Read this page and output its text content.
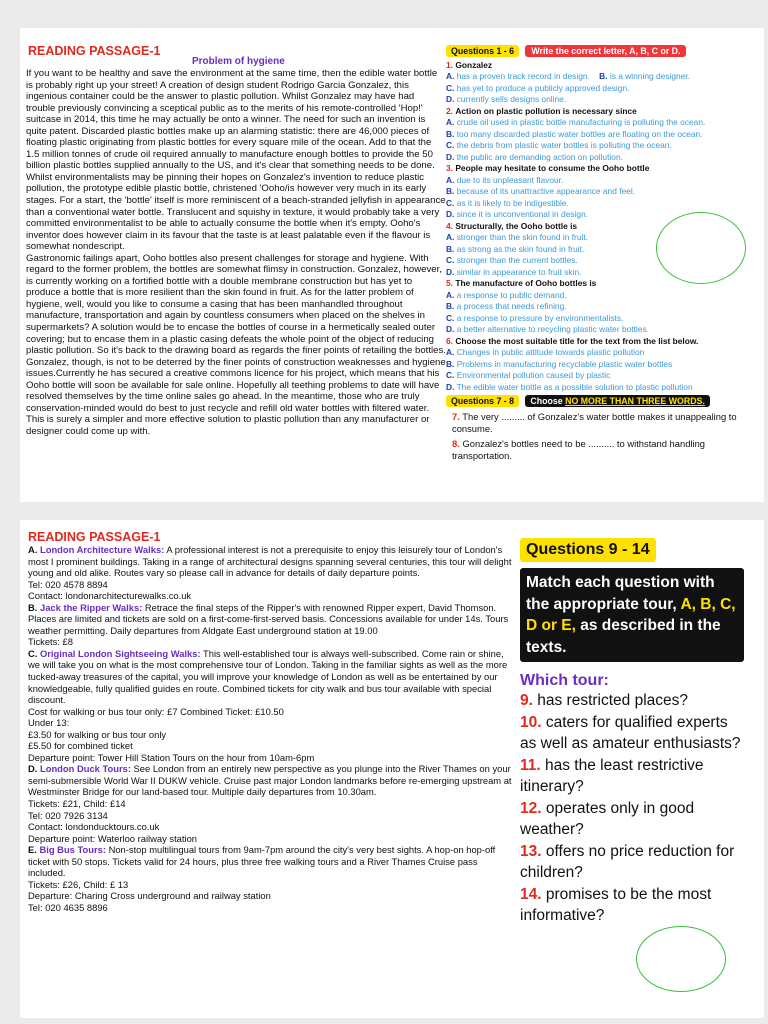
READING PASSAGE-1
Problem of hygiene

If you want to be healthy and save the environment at the same time, then the edible water bottle is probably right up your street! A creation of design student Rodrigo Garcia Gonzalez, this ingenious container could be the answer to plastic pollution. Whilst Gonzalez may have had trouble previously convincing a sceptical public as to the merits of his remote-controlled 'Hop!' suitcase in 2014, this time he may actually be onto a winner. The need for such an invention is quite patent. Discarded plastic bottles make up an alarming statistic: there are 46,000 pieces of floating plastic originating from plastic bottles for every square mile of the ocean. Add to that the 1.5 million tonnes of crude oil required annually to manufacture enough bottles to provide the 50 billion plastic bottles supplied annually to the US, and it's clear that something needs to be done.

Whilst environmentalists may be pinning their hopes on Gonzalez's invention to reduce plastic pollution, the prototype edible plastic bottle, christened 'Ooho/is however very much in its early stages. For a start, the 'bottle' itself is more reminiscent of a beach-stranded jellyfish in appearance than a conventional water bottle. Translucent and squishy in texture, it would probably take a very committed environmentalist to be able to actually consume the bottle when it's empty. Ooho's inventor does however claim in its favour that the taste is at least palatable even if the flavour is somewhat nondescript.

Gastronomic failings apart, Ooho bottles also present challenges for storage and hygiene. With regard to the former problem, the bottles are somewhat flimsy in construction. Gonzalez, however, is currently working on a fortified bottle with a double membrane construction but has yet to produce a bottle that is more resilient than the skin found in fruit. As for the latter problem of hygiene, well, would you like to consume a casing that has been manhandled throughout manufacture, transportation and again by countless consumers when placed on the shelves in supermarkets? A solution would be to encase the bottles of course in a hermetically sealed outer covering; but to encase them in a plastic casing defeats the whole point of the object of reducing plastic pollution. So it's back to the drawing board as regards the finer points of retailing the bottles. Gonzalez, though, is not to be deterred by the finer points of construction weaknesses and hygiene issues.Currently he has secured a creative commons licence for his project, which means that his Ooho bottle will soon be available for sale online. Hopefully all teething problems to date will have resolved themselves by the time online sales go ahead. In the meantime, those who are truly conservation-minded would do best to just recycle and refill old water bottles with filtered water. This is surely a simpler and more effective solution to plastic pollution than any manufacturer or designer could come up with.

Questions 1 - 6 Write the correct letter, A, B, C or D.
1. Gonzalez
A. has a proven track record in design. B. is a winning designer.
C. has yet to produce a publicly approved design.
D. currently sells designs online.
2. Action on plastic pollution is necessary since
A. crude oil used in plastic bottle manufacturing is polluting the ocean.
B. too many discarded plastic water bottles are floating on the ocean.
C. the debris from plastic water bottles is polluting the ocean.
D. the public are demanding action on pollution.
3. People may hesitate to consume the Ooho bottle
A. due to its unpleasant flavour.
B. because of its unattractive appearance and feel.
C. as it is likely to be indigestible.
D. since it is unconventional in design.
4. Structurally, the Ooho bottle is
A. stronger than the skin found in fruit.
B. as strong as the skin found in fruit.
C. stronger than the current bottles.
D. similar in appearance to fruit skin.
5. The manufacture of Ooho bottles is
A. a response to public demand.
B. a process that needs refining.
C. a response to pressure by environmentalists.
D. a better alternative to recycling plastic water bottles.
6. Choose the most suitable title for the text from the list below.
A. Changes in public attitude towards plastic pollution
B. Problems in manufacturing recyclable plastic water bottles
C. Environmental pollution caused by plastic
D. The edible water bottle as a possible solution to plastic pollution
Questions 7 - 8 Choose NO MORE THAN THREE WORDS.
7. The very ......... of Gonzalez's water bottle makes it unappealing to consume.
8. Gonzalez's bottles need to be .......... to withstand handling transportation.
READING PASSAGE-1

A. London Architecture Walks: A professional interest is not a prerequisite to enjoy this leisurely tour of London's most I prominent buildings. Taking in a range of architectural designs spanning several centuries, this tour will delight young and old alike. Routes vary so please call in advance for details of daily departure points.

Tel: 020 4578 8894

Contact: londonarchitecturewalks.co.uk

B. Jack the Ripper Walks: Retrace the final steps of the Ripper's with renowned Ripper expert, David Thomson. Places are limited and tickets are sold on a first-come-first-served basis. Concessions available for under 14s. Tours weather permitting. Daily departures from Aldgate East underground station at 19.00

Tickets: £8

C. Original London Sightseeing Walks: This well-established tour is always well-subscribed. Come rain or shine, we will take you on what is the most comprehensive tour of London. Taking in the familiar sights as well as the more tucked-away treasures of the capital, you will improve your knowledge of London as well as be entertained by our knowledgeable, fully qualified guides en route. Combined tickets for city walk and bus tour available with special discount.

Cost for walking or bus tour only: £7 Combined Ticket: £10.50

Under 13:

£3.50 for walking or bus tour only

£5.50 for combined ticket

Departure point: Tower Hill Station Tours on the hour from 10am-6pm

D. London Duck Tours: See London from an entirely new perspective as you plunge into the River Thames on your semi-submersible World War II DUKW vehicle. Cruise past major London landmarks before re-emerging upstream at Westminster Bridge for our land-based tour. Multiple daily departures from 10.30am.

Tickets: £21, Child: £14

Tel: 020 7926 3134

Contact: londonducktours.co.uk

Departure point: Waterloo railway station

E. Big Bus Tours: Non-stop multilingual tours from 9am-7pm around the city's very best sights. A hop-on hop-off ticket with 50 stops. Tickets valid for 24 hours, plus three free walking tours and a River Thames Cruise pass included.

Tickets: £26, Child: £ 13

Departure: Charing Cross underground and railway station

Tel: 020 4635 8896

Questions 9 - 14
Match each question with the appropriate tour, A, B, C, D or E, as described in the texts.
Which tour:
9. has restricted places?
10. caters for qualified experts as well as amateur enthusiasts?
11. has the least restrictive itinerary?
12. operates only in good weather?
13. offers no price reduction for children?
14. promises to be the most informative?
